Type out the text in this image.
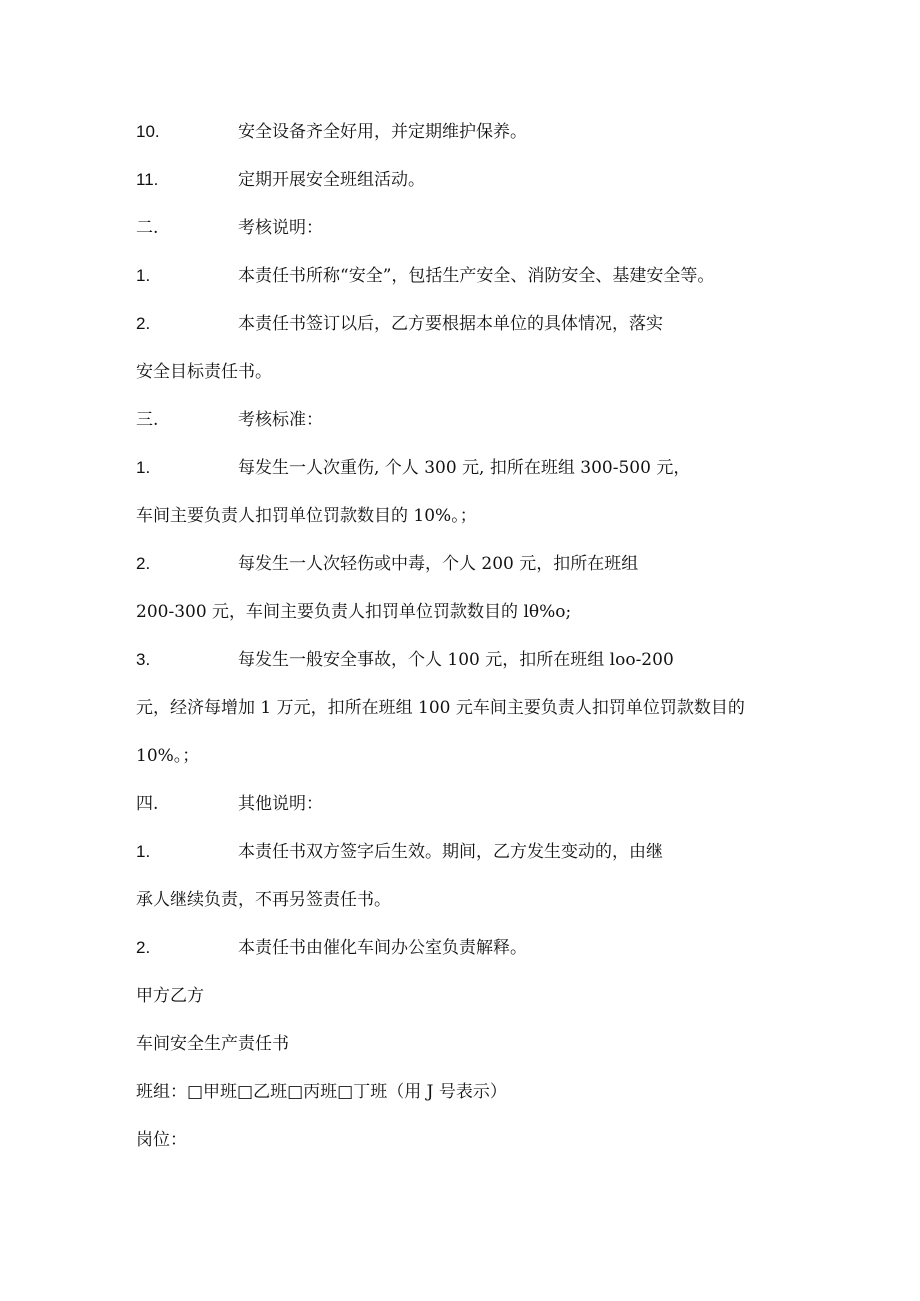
10.	安全设备齐全好用，并定期维护保养。
11.	定期开展安全班组活动。
二.	考核说明：
1.	本责任书所称“安全”，包括生产安全、消防安全、基建安全等。
2.	本责任书签订以后，乙方要根据本单位的具体情况，落实
安全目标责任书。
三.	考核标准：
1.	每发生一人次重伤, 个人 300 元, 扣所在班组 300-500 元，
车间主要负责人扣罚单位罚款数目的 10%。；
2.	每发生一人次轻伤或中毒，个人 200 元，扣所在班组
200-300 元，车间主要负责人扣罚单位罚款数目的 lθ%o;
3.	每发生一般安全事故，个人 100 元，扣所在班组 loo-200
元，经济每增加 1 万元，扣所在班组 100 元车间主要负责人扣罚单位罚款数目的
10%。；
四.	其他说明：
1.	本责任书双方签字后生效。期间，乙方发生变动的，由继
承人继续负责，不再另签责任书。
2.	本责任书由催化车间办公室负责解释。
甲方乙方
车间安全生产责任书
班组：□甲班□乙班□丙班□丁班（用 J 号表示）
岗位：
